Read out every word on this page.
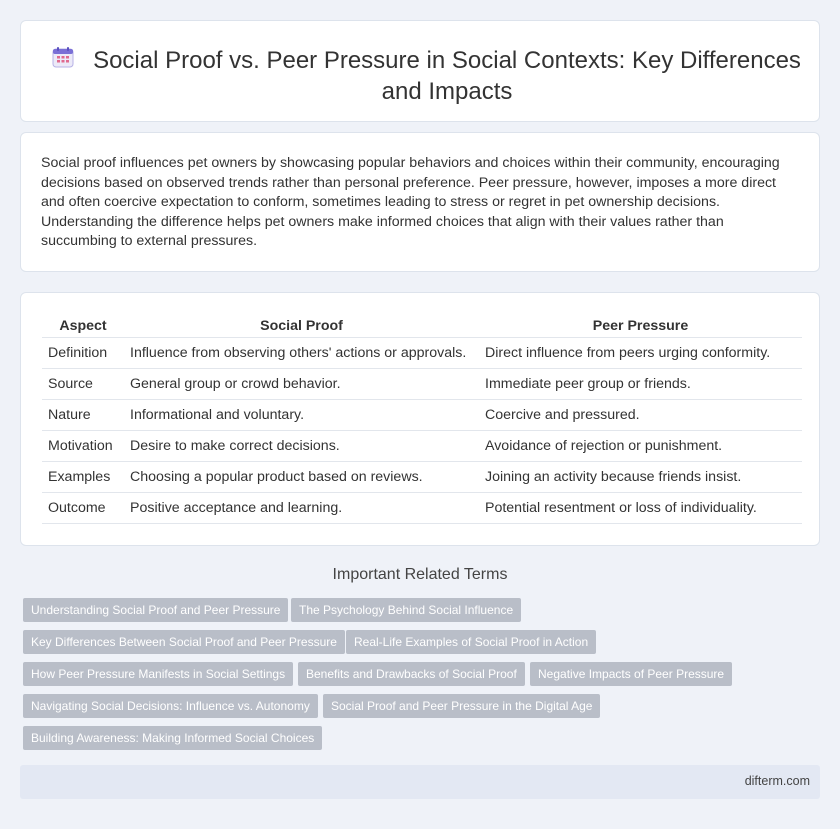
Social Proof vs. Peer Pressure in Social Contexts: Key Differences and Impacts

Social proof influences pet owners by showcasing popular behaviors and choices within their community, encouraging decisions based on observed trends rather than personal preference. Peer pressure, however, imposes a more direct and often coercive expectation to conform, sometimes leading to stress or regret in pet ownership decisions. Understanding the difference helps pet owners make informed choices that align with their values rather than succumbing to external pressures.

Aspect	Social Proof	Peer Pressure
Definition	Influence from observing others' actions or approvals.	Direct influence from peers urging conformity.
Source	General group or crowd behavior.	Immediate peer group or friends.
Nature	Informational and voluntary.	Coercive and pressured.
Motivation	Desire to make correct decisions.	Avoidance of rejection or punishment.
Examples	Choosing a popular product based on reviews.	Joining an activity because friends insist.
Outcome	Positive acceptance and learning.	Potential resentment or loss of individuality.
Important Related Terms
Understanding Social Proof and Peer Pressure	The Psychology Behind Social Influence
Key Differences Between Social Proof and Peer Pressure	Real-Life Examples of Social Proof in Action
How Peer Pressure Manifests in Social Settings	Benefits and Drawbacks of Social Proof	Negative Impacts of Peer Pressure
Navigating Social Decisions: Influence vs. Autonomy	Social Proof and Peer Pressure in the Digital Age
Building Awareness: Making Informed Social Choices
difterm.com
